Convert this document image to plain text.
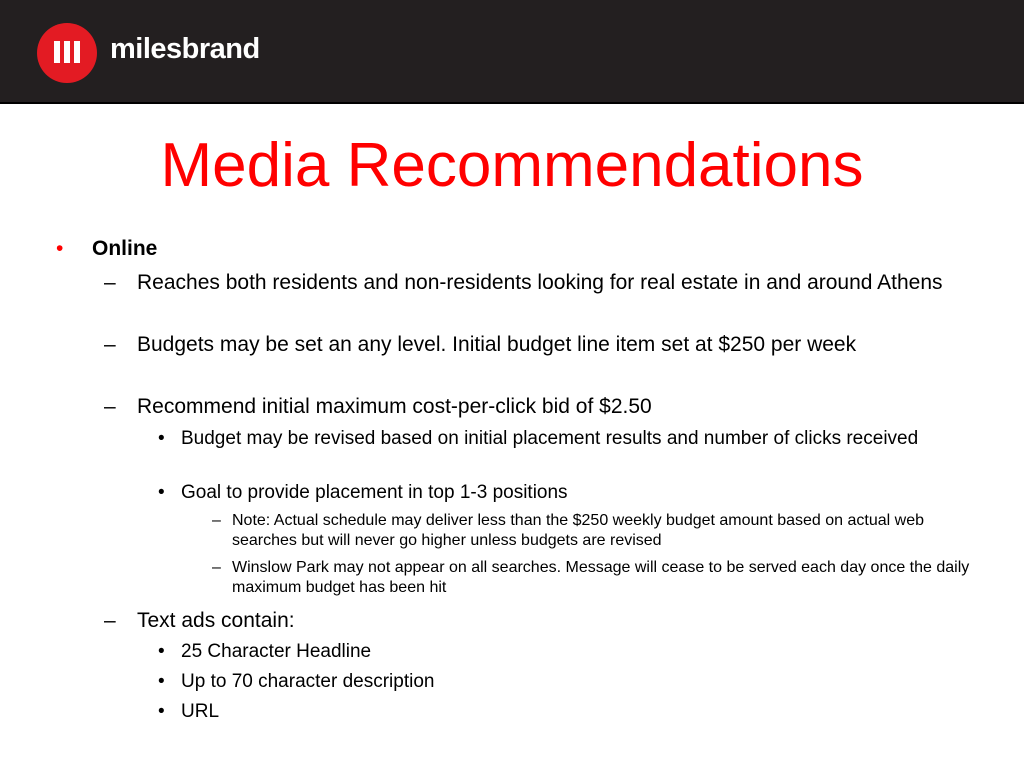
milesbrand
Media Recommendations
•	Online
–	Reaches both residents and non-residents looking for real estate in and around Athens
–	Budgets may be set an any level. Initial budget line item set at $250 per week
–	Recommend initial maximum cost-per-click bid of $2.50
• Budget may be revised based on initial placement results and number of clicks received
• Goal to provide placement in top 1-3 positions
– Note: Actual schedule may deliver less than the $250 weekly budget amount based on actual web searches but will never go higher unless budgets are revised
– Winslow Park may not appear on all searches. Message will cease to be served each day once the daily maximum budget has been hit
–	Text ads contain:
• 25 Character Headline
• Up to 70 character description
• URL
